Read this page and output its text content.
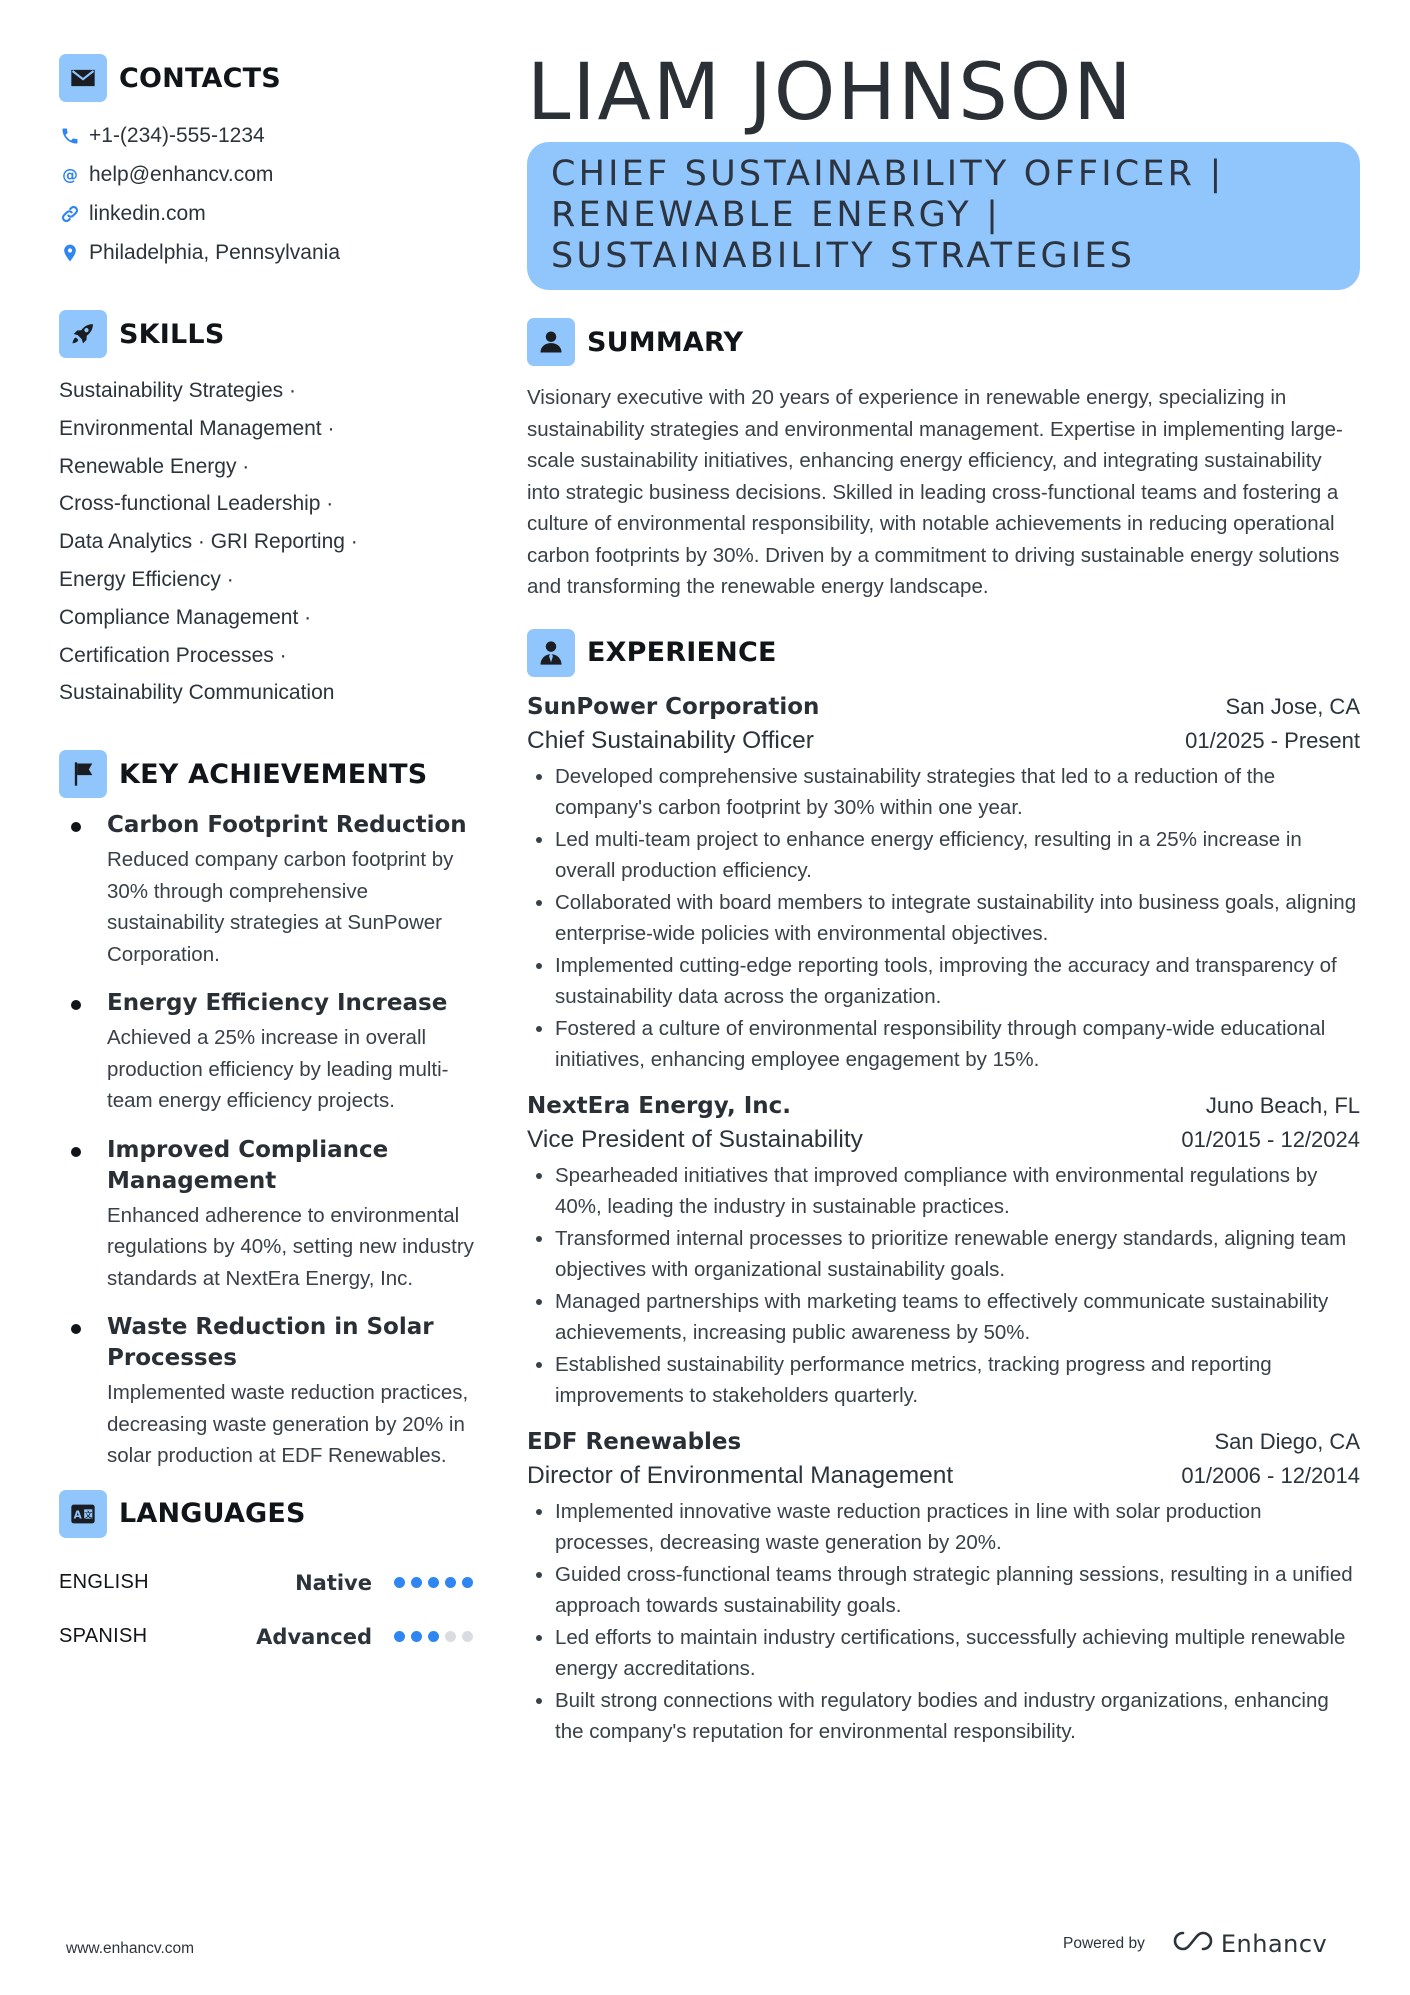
CONTACTS
+1-(234)-555-1234
@ help@enhancv.com
linkedin.com
Philadelphia, Pennsylvania
SKILLS
Sustainability Strategies ·
Environmental Management ·
Renewable Energy ·
Cross-functional Leadership ·
Data Analytics · GRI Reporting ·
Energy Efficiency ·
Compliance Management ·
Certification Processes ·
Sustainability Communication
KEY ACHIEVEMENTS
Carbon Footprint Reduction
Reduced company carbon footprint by 30% through comprehensive sustainability strategies at SunPower Corporation.
Energy Efficiency Increase
Achieved a 25% increase in overall production efficiency by leading multi-team energy efficiency projects.
Improved Compliance Management
Enhanced adherence to environmental regulations by 40%, setting new industry standards at NextEra Energy, Inc.
Waste Reduction in Solar Processes
Implemented waste reduction practices, decreasing waste generation by 20% in solar production at EDF Renewables.
A 文 LANGUAGES
ENGLISH	Native
SPANISH	Advanced
LIAM JOHNSON
CHIEF SUSTAINABILITY OFFICER | RENEWABLE ENERGY | SUSTAINABILITY STRATEGIES
SUMMARY

Visionary executive with 20 years of experience in renewable energy, specializing in sustainability strategies and environmental management. Expertise in implementing large-scale sustainability initiatives, enhancing energy efficiency, and integrating sustainability into strategic business decisions. Skilled in leading cross-functional teams and fostering a culture of environmental responsibility, with notable achievements in reducing operational carbon footprints by 30%. Driven by a commitment to driving sustainable energy solutions and transforming the renewable energy landscape.

EXPERIENCE
SunPower Corporation	San Jose, CA
Chief Sustainability Officer	01/2025 - Present
Developed comprehensive sustainability strategies that led to a reduction of the company's carbon footprint by 30% within one year.
Led multi-team project to enhance energy efficiency, resulting in a 25% increase in overall production efficiency.
Collaborated with board members to integrate sustainability into business goals, aligning enterprise-wide policies with environmental objectives.
Implemented cutting-edge reporting tools, improving the accuracy and transparency of sustainability data across the organization.
Fostered a culture of environmental responsibility through company-wide educational initiatives, enhancing employee engagement by 15%.
NextEra Energy, Inc.	Juno Beach, FL
Vice President of Sustainability	01/2015 - 12/2024
Spearheaded initiatives that improved compliance with environmental regulations by 40%, leading the industry in sustainable practices.
Transformed internal processes to prioritize renewable energy standards, aligning team objectives with organizational sustainability goals.
Managed partnerships with marketing teams to effectively communicate sustainability achievements, increasing public awareness by 50%.
Established sustainability performance metrics, tracking progress and reporting improvements to stakeholders quarterly.
EDF Renewables	San Diego, CA
Director of Environmental Management	01/2006 - 12/2014
Implemented innovative waste reduction practices in line with solar production processes, decreasing waste generation by 20%.
Guided cross-functional teams through strategic planning sessions, resulting in a unified approach towards sustainability goals.
Led efforts to maintain industry certifications, successfully achieving multiple renewable energy accreditations.
Built strong connections with regulatory bodies and industry organizations, enhancing the company's reputation for environmental responsibility.
www.enhancv.com	Powered by	Enhancv
